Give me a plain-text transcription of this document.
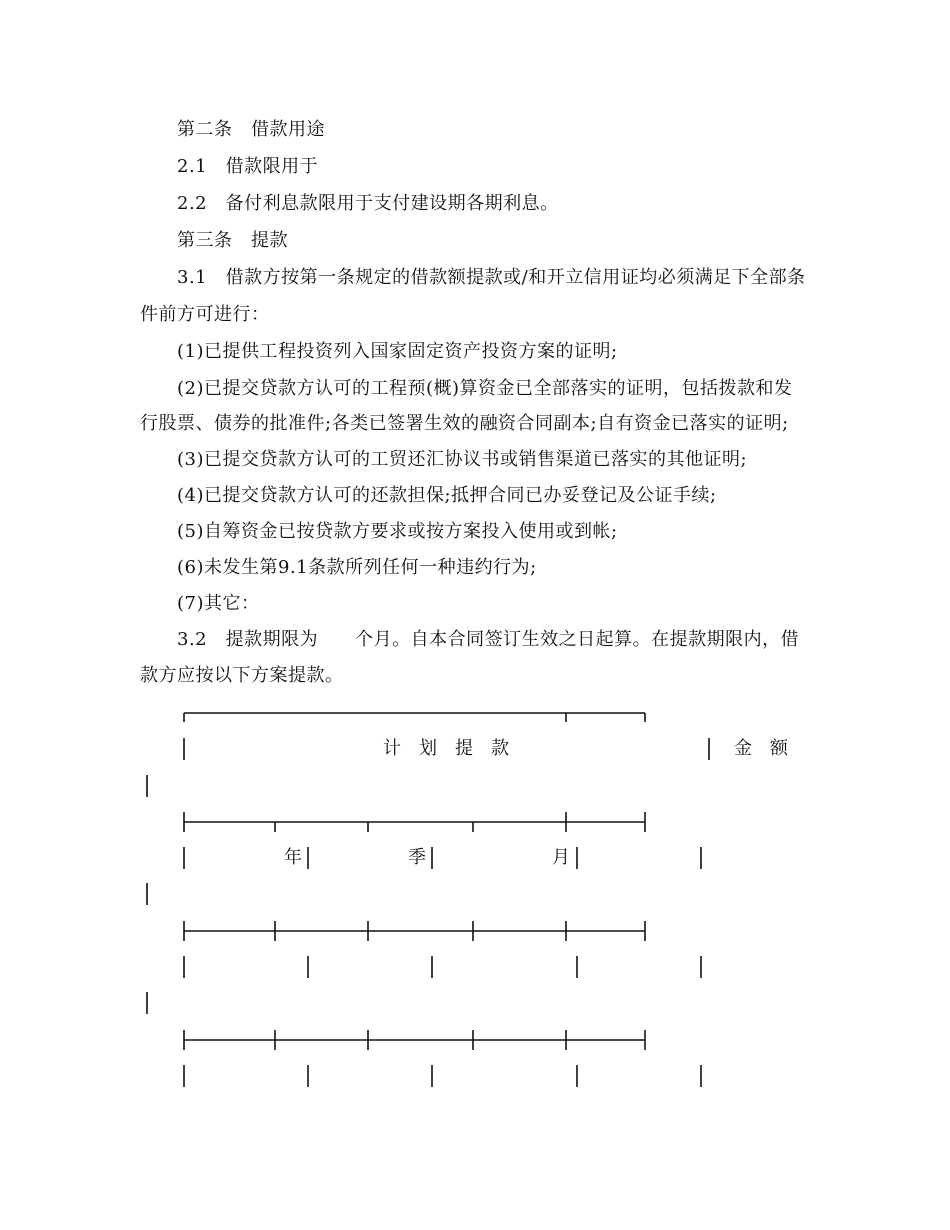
第二条　借款用途
2.1　借款限用于
2.2　备付利息款限用于支付建设期各期利息。
第三条　提款
3.1　借款方按第一条规定的借款额提款或/和开立信用证均必须满足下全部条
件前方可进行：
(1)已提供工程投资列入国家固定资产投资方案的证明;
(2)已提交贷款方认可的工程预(概)算资金已全部落实的证明，包括拨款和发
行股票、债券的批准件;各类已签署生效的融资合同副本;自有资金已落实的证明;
(3)已提交贷款方认可的工贸还汇协议书或销售渠道已落实的其他证明;
(4)已提交贷款方认可的还款担保;抵押合同已办妥登记及公证手续;
(5)自筹资金已按贷款方要求或按方案投入使用或到帐;
(6)未发生第9.1条款所列任何一种违约行为;
(7)其它：
3.2　提款期限为　　个月。自本合同签订生效之日起算。在提款期限内，借
款方应按以下方案提款。
计　划　提　款	金　额
年	季	月
